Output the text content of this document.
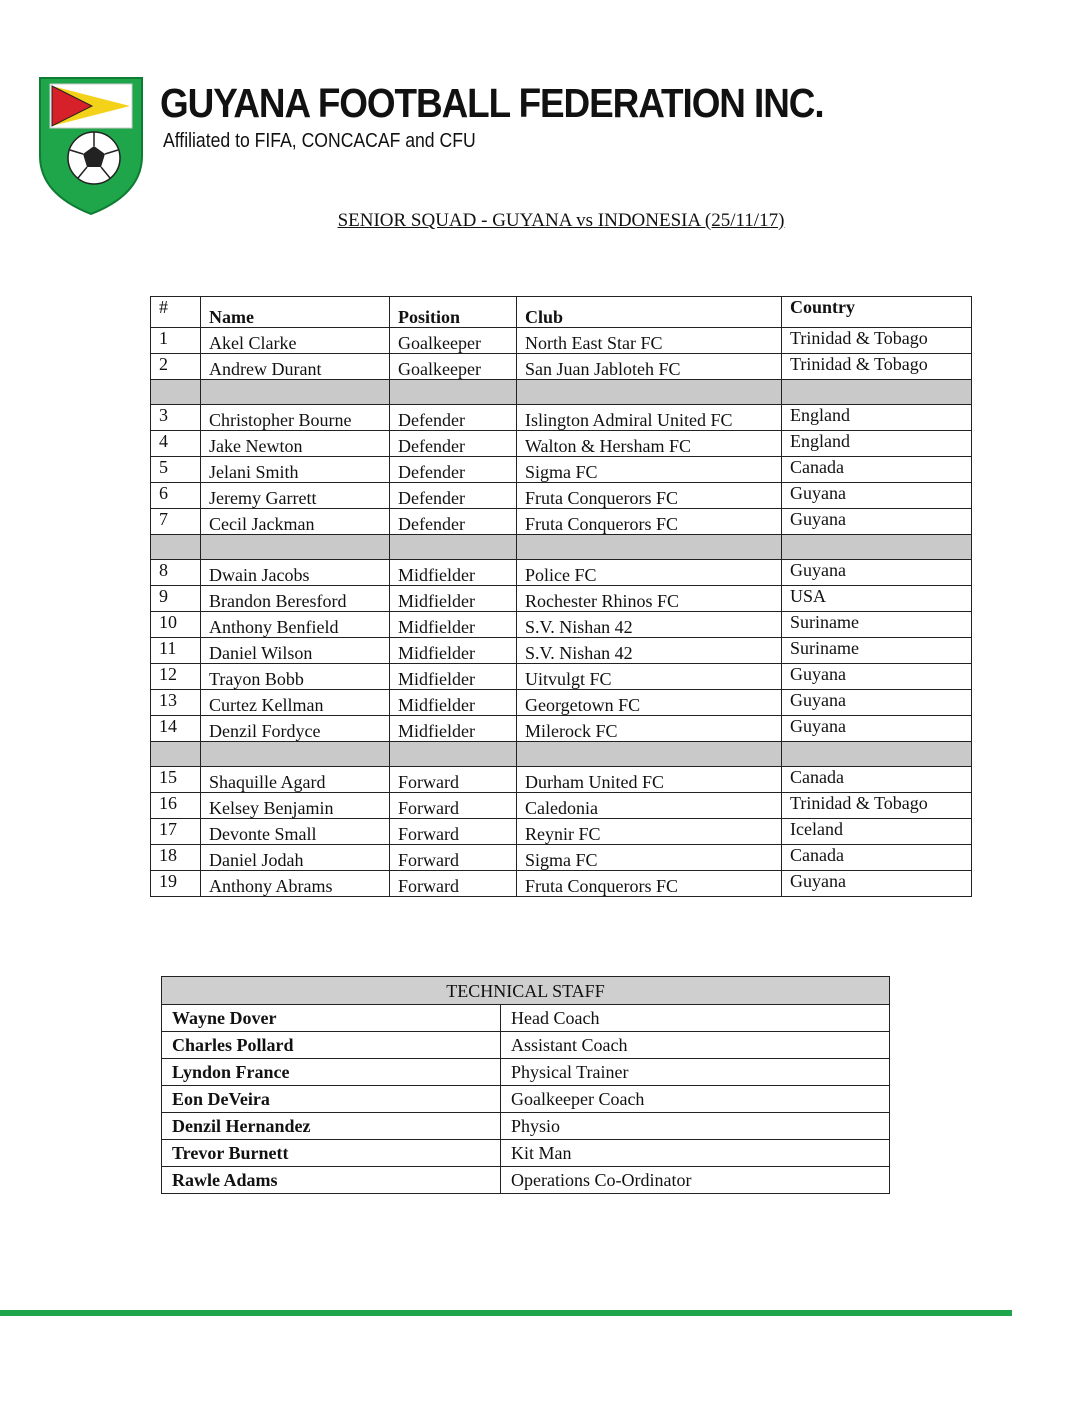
GUYANA FOOTBALL FEDERATION INC.
Affiliated to FIFA, CONCACAF and CFU
SENIOR SQUAD - GUYANA vs INDONESIA (25/11/17)
#	Name	Position	Club	Country
1	Akel Clarke	Goalkeeper	North East Star FC	Trinidad & Tobago
2	Andrew Durant	Goalkeeper	San Juan Jabloteh FC	Trinidad & Tobago

3	Christopher Bourne	Defender	Islington Admiral United FC	England
4	Jake Newton	Defender	Walton & Hersham FC	England
5	Jelani Smith	Defender	Sigma FC	Canada
6	Jeremy Garrett	Defender	Fruta Conquerors FC	Guyana
7	Cecil Jackman	Defender	Fruta Conquerors FC	Guyana

8	Dwain Jacobs	Midfielder	Police FC	Guyana
9	Brandon Beresford	Midfielder	Rochester Rhinos FC	USA
10	Anthony Benfield	Midfielder	S.V. Nishan 42	Suriname
11	Daniel Wilson	Midfielder	S.V. Nishan 42	Suriname
12	Trayon Bobb	Midfielder	Uitvulgt FC	Guyana
13	Curtez Kellman	Midfielder	Georgetown FC	Guyana
14	Denzil Fordyce	Midfielder	Milerock FC	Guyana

15	Shaquille Agard	Forward	Durham United FC	Canada
16	Kelsey Benjamin	Forward	Caledonia	Trinidad & Tobago
17	Devonte Small	Forward	Reynir FC	Iceland
18	Daniel Jodah	Forward	Sigma FC	Canada
19	Anthony Abrams	Forward	Fruta Conquerors FC	Guyana
TECHNICAL STAFF	
Wayne Dover	Head Coach
Charles Pollard	Assistant Coach
Lyndon France	Physical Trainer
Eon DeVeira	Goalkeeper Coach
Denzil Hernandez	Physio
Trevor Burnett	Kit Man
Rawle Adams	Operations Co-Ordinator
